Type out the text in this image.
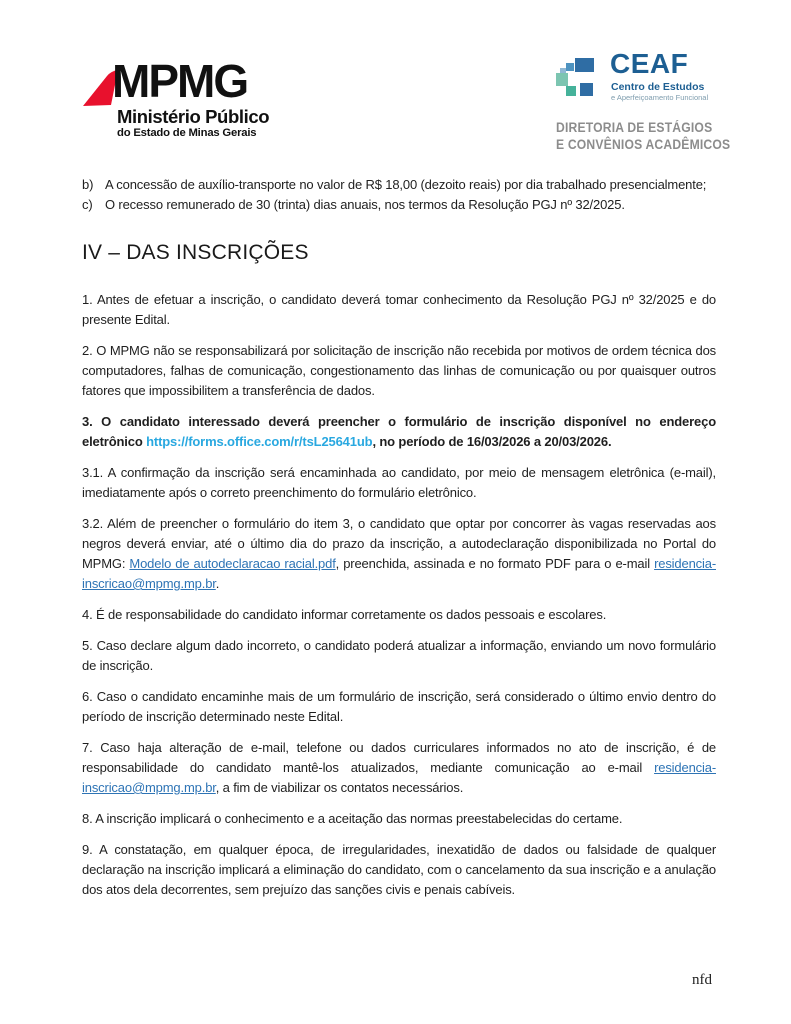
MPMG
Ministério Público
do Estado de Minas Gerais
CEAF
Centro de Estudos
e Aperfeiçoamento Funcional
DIRETORIA DE ESTÁGIOS
E CONVÊNIOS ACADÊMICOS
b) A concessão de auxílio-transporte no valor de R$ 18,00 (dezoito reais) por dia trabalhado presencialmente;
c) O recesso remunerado de 30 (trinta) dias anuais, nos termos da Resolução PGJ nº 32/2025.
IV – DAS INSCRIÇÕES

1. Antes de efetuar a inscrição, o candidato deverá tomar conhecimento da Resolução PGJ nº 32/2025 e do presente Edital.

2. O MPMG não se responsabilizará por solicitação de inscrição não recebida por motivos de ordem técnica dos computadores, falhas de comunicação, congestionamento das linhas de comunicação ou por quaisquer outros fatores que impossibilitem a transferência de dados.

3. O candidato interessado deverá preencher o formulário de inscrição disponível no endereço eletrônico https://forms.office.com/r/tsL25641ub, no período de 16/03/2026 a 20/03/2026.

3.1. A confirmação da inscrição será encaminhada ao candidato, por meio de mensagem eletrônica (e-mail), imediatamente após o correto preenchimento do formulário eletrônico.

3.2. Além de preencher o formulário do item 3, o candidato que optar por concorrer às vagas reservadas aos negros deverá enviar, até o último dia do prazo da inscrição, a autodeclaração disponibilizada no Portal do MPMG: Modelo de autodeclaracao racial.pdf, preenchida, assinada e no formato PDF para o e-mail residencia-inscricao@mpmg.mp.br.

4. É de responsabilidade do candidato informar corretamente os dados pessoais e escolares.

5. Caso declare algum dado incorreto, o candidato poderá atualizar a informação, enviando um novo formulário de inscrição.

6. Caso o candidato encaminhe mais de um formulário de inscrição, será considerado o último envio dentro do período de inscrição determinado neste Edital.

7. Caso haja alteração de e-mail, telefone ou dados curriculares informados no ato de inscrição, é de responsabilidade do candidato mantê-los atualizados, mediante comunicação ao e-mail residencia-inscricao@mpmg.mp.br, a fim de viabilizar os contatos necessários.

8. A inscrição implicará o conhecimento e a aceitação das normas preestabelecidas do certame.

9. A constatação, em qualquer época, de irregularidades, inexatidão de dados ou falsidade de qualquer declaração na inscrição implicará a eliminação do candidato, com o cancelamento da sua inscrição e a anulação dos atos dela decorrentes, sem prejuízo das sanções civis e penais cabíveis.

nfd
